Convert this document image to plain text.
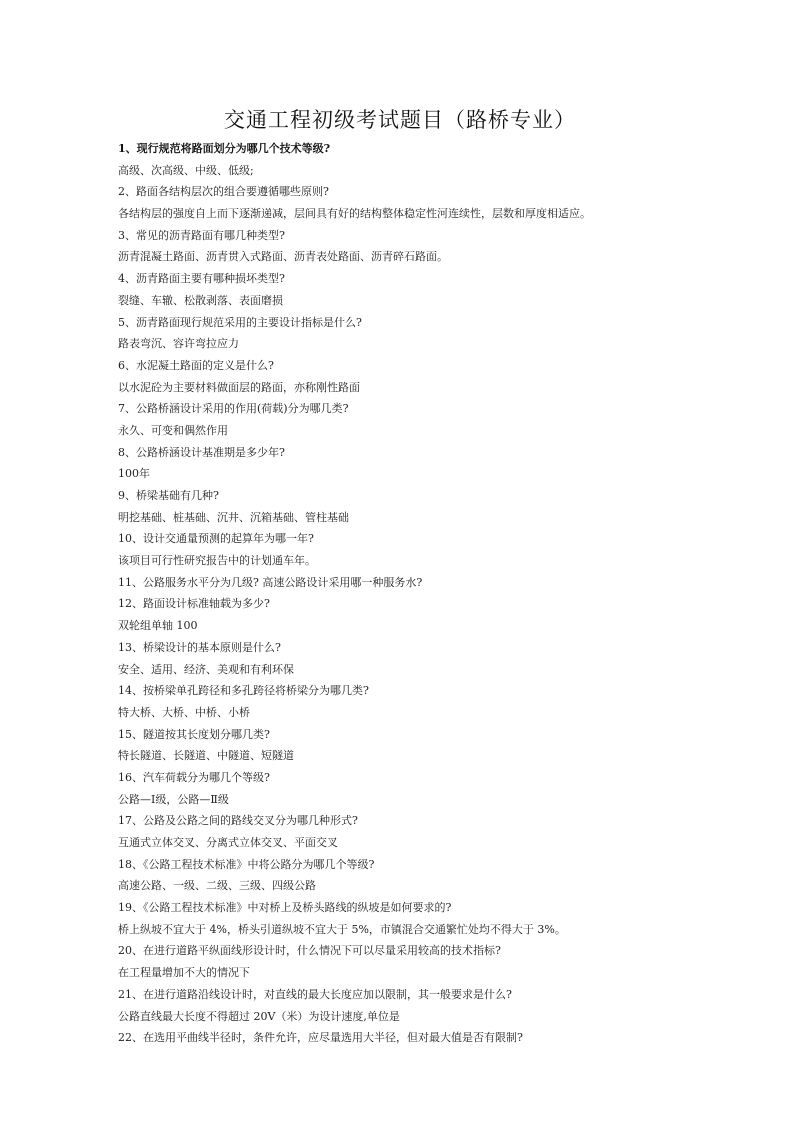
交通工程初级考试题目（路桥专业）
1、现行规范将路面划分为哪几个技术等级?
高级、次高级、中级、低级;
2、路面各结构层次的组合要遵循哪些原则?
各结构层的强度自上而下逐渐递减，层间具有好的结构整体稳定性河连续性，层数和厚度相适应。
3、常见的沥青路面有哪几种类型?
沥青混凝土路面、沥青贯入式路面、沥青表处路面、沥青碎石路面。
4、沥青路面主要有哪种损坏类型?
裂缝、车辙、松散剥落、表面磨损
5、沥青路面现行规范采用的主要设计指标是什么?
路表弯沉、容许弯拉应力
6、水泥凝土路面的定义是什么?
以水泥砼为主要材料做面层的路面，亦称刚性路面
7、公路桥涵设计采用的作用(荷载)分为哪几类?
永久、可变和偶然作用
8、公路桥涵设计基准期是多少年?
100年
9、桥梁基础有几种?
明挖基础、桩基础、沉井、沉箱基础、管柱基础
10、设计交通量预测的起算年为哪一年?
该项目可行性研究报告中的计划通车年。
11、公路服务水平分为几级? 高速公路设计采用哪一种服务水?
12、路面设计标准轴载为多少?
双轮组单轴 100
13、桥梁设计的基本原则是什么?
安全、适用、经济、美观和有利环保
14、按桥梁单孔跨径和多孔跨径将桥梁分为哪几类?
特大桥、大桥、中桥、小桥
15、隧道按其长度划分哪几类?
特长隧道、长隧道、中隧道、短隧道
16、汽车荷载分为哪几个等级?
公路—Ⅰ级，公路—Ⅱ级
17、公路及公路之间的路线交叉分为哪几种形式?
互通式立体交叉、分离式立体交叉、平面交叉
18、《公路工程技术标准》中将公路分为哪几个等级?
高速公路、一级、二级、三级、四级公路
19、《公路工程技术标准》中对桥上及桥头路线的纵坡是如何要求的?
桥上纵坡不宜大于 4%，桥头引道纵坡不宜大于 5%，市镇混合交通繁忙处均不得大于 3%。
20、在进行道路平纵面线形设计时，什么情况下可以尽量采用较高的技术指标?
在工程量增加不大的情况下
21、在进行道路沿线设计时，对直线的最大长度应加以限制，其一般要求是什么?
公路直线最大长度不得超过 20V（米）为设计速度,单位是
22、在选用平曲线半径时，条件允许，应尽量选用大半径，但对最大值是否有限制?
